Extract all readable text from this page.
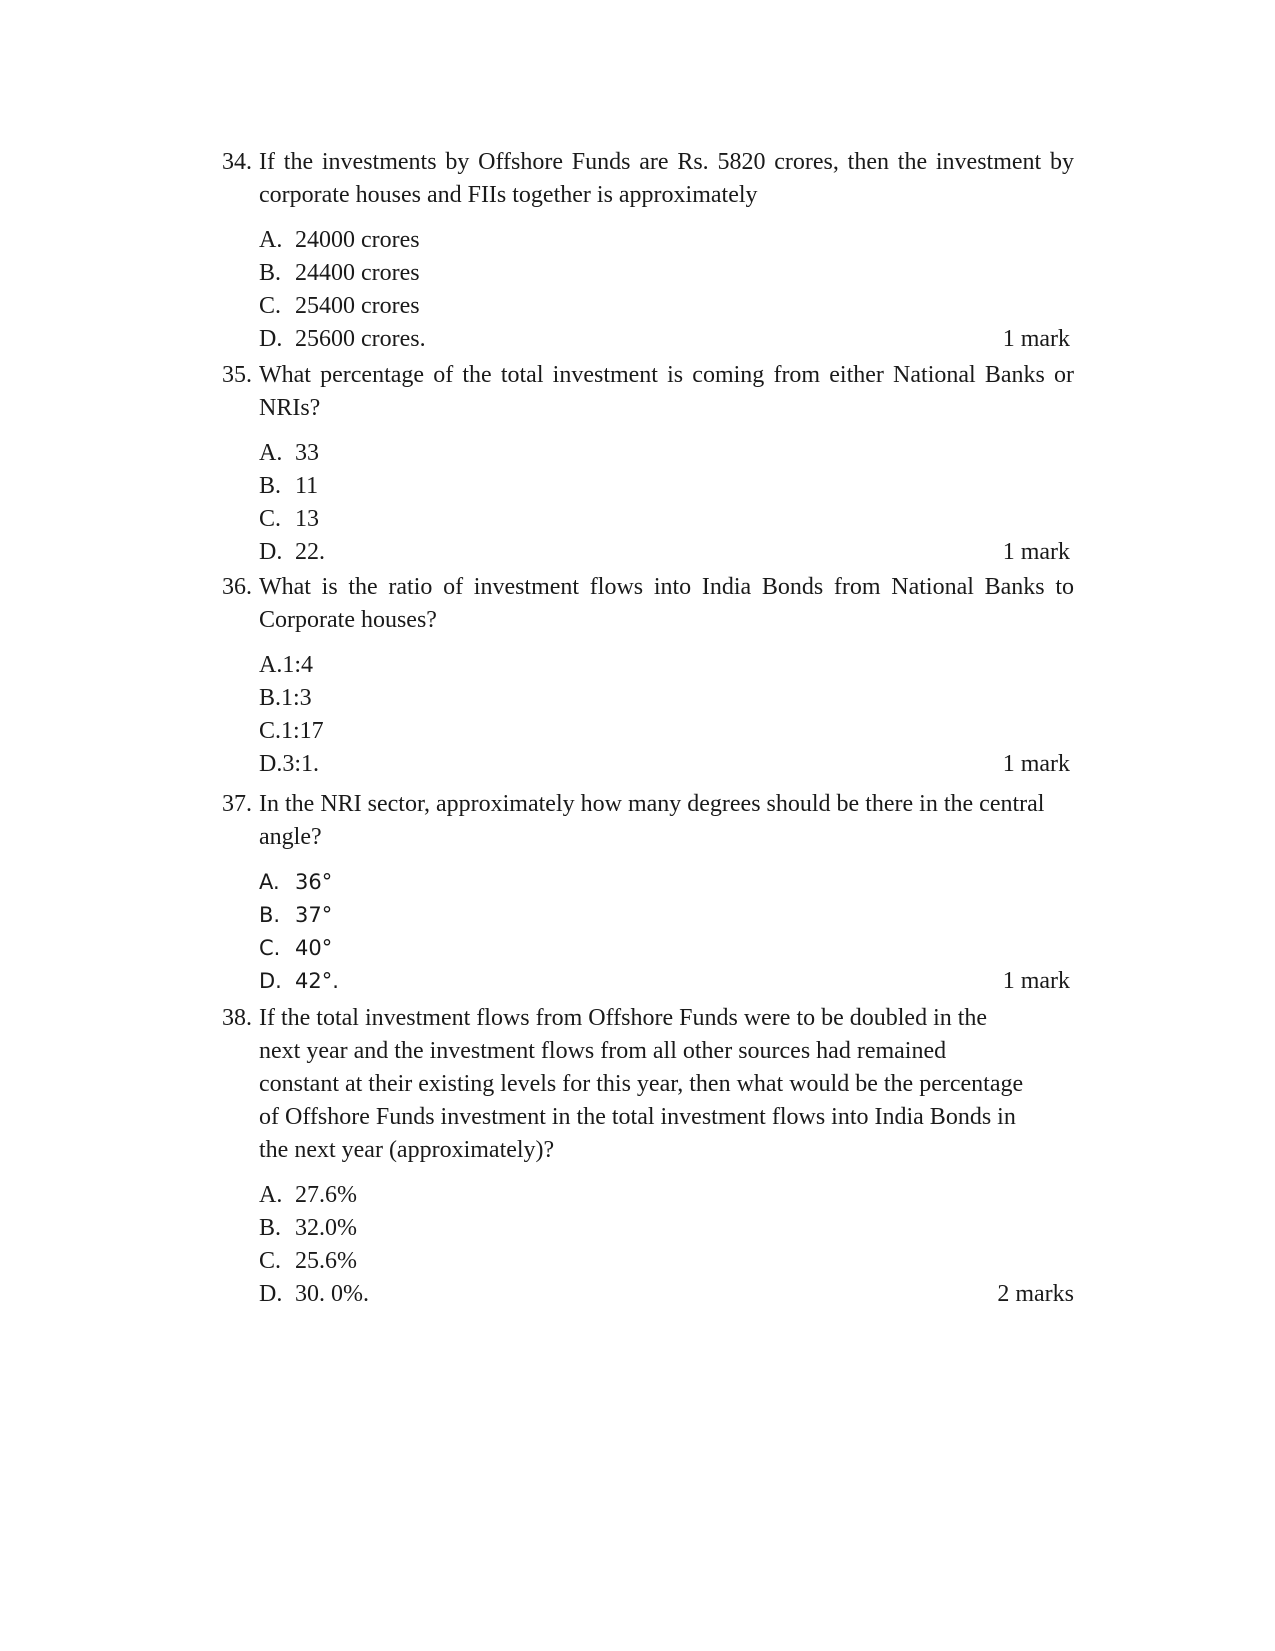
34. If the investments by Offshore Funds are Rs. 5820 crores, then the investment by corporate houses and FIIs together is approximately
A. 24000 crores
B. 24400 crores
C. 25400 crores
D. 25600 crores.	1 mark
35. What percentage of the total investment is coming from either National Banks or NRIs?
A. 33
B. 11
C. 13
D. 22.	1 mark
36. What is the ratio of investment flows into India Bonds from National Banks to Corporate houses?
A. 1:4
B. 1:3
C. 1:17
D. 3:1.	1 mark
37. In the NRI sector, approximately how many degrees should be there in the central angle?
A. 36°
B. 37°
C. 40°
D. 42°.	1 mark
38. If the total investment flows from Offshore Funds were to be doubled in the next year and the investment flows from all other sources had remained constant at their existing levels for this year, then what would be the percentage of Offshore Funds investment in the total investment flows into India Bonds in the next year (approximately)?
A. 27.6%
B. 32.0%
C. 25.6%
D. 30. 0%.	2 marks
